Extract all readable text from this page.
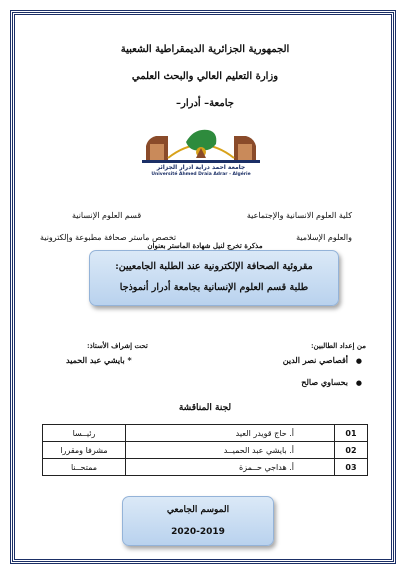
الجمهورية الجزائرية الديمقراطية الشعبية
وزارة التعليم العالي والبحث العلمي
جامعة– أدرار–
جامعة احمد دراية ادرار الجزائر
Université Ahmed Draia Adrar - Algérie
كلية العلوم الانسانية والإجتماعية
والعلوم الإسلامية
قسم العلوم الإنسانية
تخصص ماستر صحافة مطبوعة وإلكترونية
مذكرة تخرج لنيل شهادة الماستر بعنوان
مقروئية الصحافة الإلكترونية عند الطلبة الجامعيين:
طلبة قسم العلوم الإنسانية بجامعة أدرار أنموذجا
من إعداد الطالبين:
أقصاصي نصر الدين ●
بحساوي صالح ●
تحت إشراف الأستاذ:
* بايشي عبد الحميد
لجنة المناقشة
01	أ. حاج قويدر العيد	رئيــسا
02	أ. بايشي عبد الحميــد	مشرفا ومقررا
03	أ. هداجي حــمزة	ممتحــنا
الموسم الجامعي
2020-2019
